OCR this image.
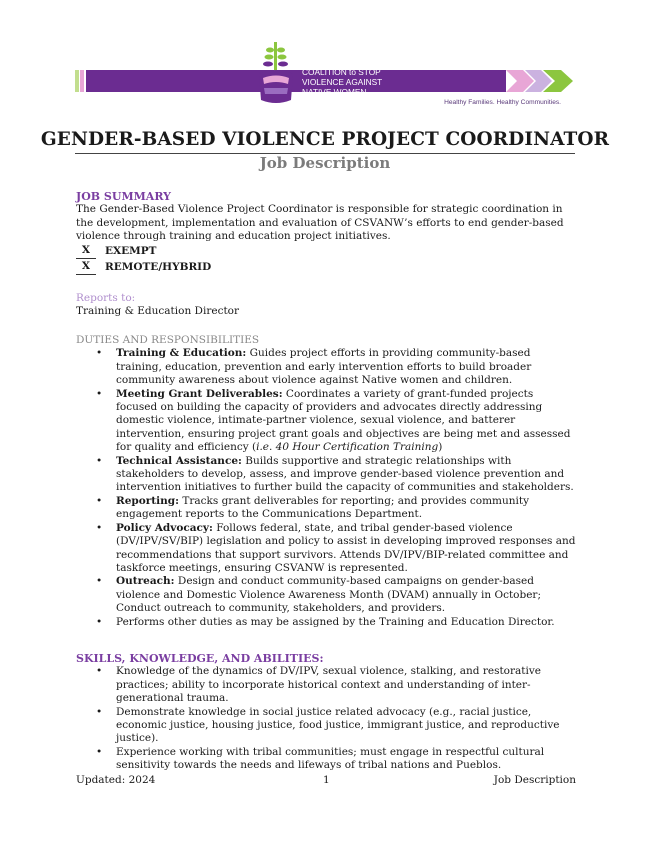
COALITION to STOP
VIOLENCE AGAINST
NATIVE WOMEN
Healthy Families. Healthy Communities.
GENDER-BASED VIOLENCE PROJECT COORDINATOR
Job Description
JOB SUMMARY
The Gender-Based Violence Project Coordinator is responsible for strategic coordination in the development, implementation and evaluation of CSVANW’s efforts to end gender-based violence through training and education project initiatives.
X	EXEMPT
X	REMOTE/HYBRID
Reports to:
Training & Education Director
DUTIES AND RESPONSIBILITIES
• Training & Education: Guides project efforts in providing community-based training, education, prevention and early intervention efforts to build broader community awareness about violence against Native women and children.
• Meeting Grant Deliverables: Coordinates a variety of grant-funded projects focused on building the capacity of providers and advocates directly addressing domestic violence, intimate-partner violence, sexual violence, and batterer intervention, ensuring project grant goals and objectives are being met and assessed for quality and efficiency (i.e. 40 Hour Certification Training)
• Technical Assistance: Builds supportive and strategic relationships with stakeholders to develop, assess, and improve gender-based violence prevention and intervention initiatives to further build the capacity of communities and stakeholders.
• Reporting: Tracks grant deliverables for reporting; and provides community engagement reports to the Communications Department.
• Policy Advocacy: Follows federal, state, and tribal gender-based violence (DV/IPV/SV/BIP) legislation and policy to assist in developing improved responses and recommendations that support survivors. Attends DV/IPV/BIP-related committee and taskforce meetings, ensuring CSVANW is represented.
• Outreach: Design and conduct community-based campaigns on gender-based violence and Domestic Violence Awareness Month (DVAM) annually in October; Conduct outreach to community, stakeholders, and providers.
• Performs other duties as may be assigned by the Training and Education Director.
SKILLS, KNOWLEDGE, AND ABILITIES:
• Knowledge of the dynamics of DV/IPV, sexual violence, stalking, and restorative practices; ability to incorporate historical context and understanding of inter-generational trauma.
• Demonstrate knowledge in social justice related advocacy (e.g., racial justice, economic justice, housing justice, food justice, immigrant justice, and reproductive justice).
• Experience working with tribal communities; must engage in respectful cultural sensitivity towards the needs and lifeways of tribal nations and Pueblos.
Updated: 2024	1	Job Description
